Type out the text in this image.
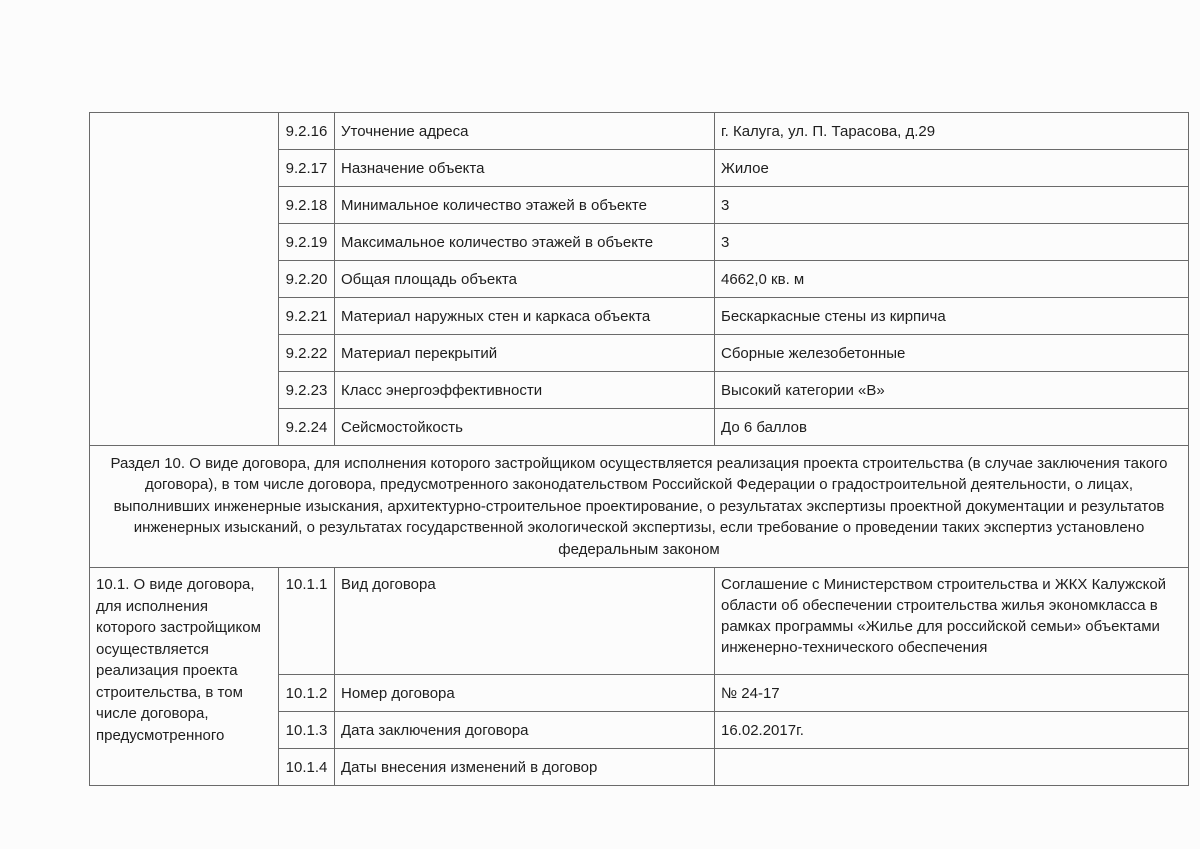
	9.2.16	Уточнение адреса	г. Калуга, ул. П. Тарасова, д.29
	9.2.17	Назначение объекта	Жилое
	9.2.18	Минимальное количество этажей в объекте	3
	9.2.19	Максимальное количество этажей в объекте	3
	9.2.20	Общая площадь объекта	4662,0 кв. м
	9.2.21	Материал наружных стен и каркаса объекта	Бескаркасные стены из кирпича
	9.2.22	Материал перекрытий	Сборные железобетонные
	9.2.23	Класс энергоэффективности	Высокий категории «В»
	9.2.24	Сейсмостойкость	До 6 баллов
Раздел 10. О виде договора, для исполнения которого застройщиком осуществляется реализация проекта строительства (в случае заключения такого договора), в том числе договора, предусмотренного законодательством Российской Федерации о градостроительной деятельности, о лицах, выполнивших инженерные изыскания, архитектурно-строительное проектирование, о результатах экспертизы проектной документации и результатов инженерных изысканий, о результатах государственной экологической экспертизы, если требование о проведении таких экспертиз установлено федеральным законом			
10.1. О виде договора, для исполнения которого застройщиком осуществляется реализация проекта строительства, в том числе договора, предусмотренного	10.1.1	Вид договора	Соглашение с Министерством строительства и ЖКХ Калужской области об обеспечении строительства жилья экономкласса в рамках программы «Жилье для российской семьи» объектами инженерно-технического обеспечения
	10.1.2	Номер договора	№ 24-17
	10.1.3	Дата заключения договора	16.02.2017г.
	10.1.4	Даты внесения изменений в договор	
